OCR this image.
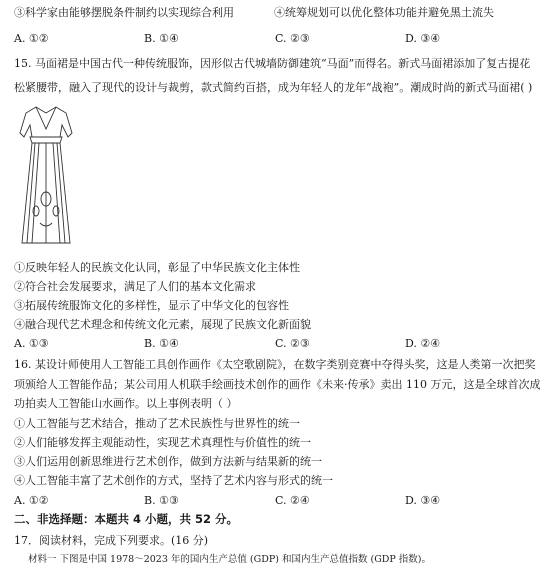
③科学家由能够摆脱条件制约以实现综合利用	④统筹规划可以优化整体功能并避免黑土流失
A. ①②	B. ①④	C. ②③	D. ③④
15. 马面裙是中国古代一种传统服饰，因形似古代城墙防御建筑“马面”而得名。新式马面裙添加了复古提花
松紧腰带，融入了现代的设计与裁剪，款式简约百搭，成为年轻人的龙年“战袍”。潮成时尚的新式马面裙( )
①反映年轻人的民族文化认同，彰显了中华民族文化主体性
②符合社会发展要求，满足了人们的基本文化需求
③拓展传统服饰文化的多样性，显示了中华文化的包容性
④融合现代艺术理念和传统文化元素，展现了民族文化新面貌
A. ①③	B. ①④	C. ②③	D. ②④
16. 某设计师使用人工智能工具创作画作《太空歌剧院》，在数字类别竞赛中夺得头奖，这是人类第一次把奖
项颁给人工智能作品；某公司用人机联手绘画技术创作的画作《未来·传承》卖出 110 万元，这是全球首次成
功拍卖人工智能山水画作。以上事例表明（ ）
①人工智能与艺术结合，推动了艺术民族性与世界性的统一
②人们能够发挥主观能动性，实现艺术真理性与价值性的统一
③人们运用创新思维进行艺术创作，做到方法新与结果新的统一
④人工智能丰富了艺术创作的方式，坚持了艺术内容与形式的统一
A. ①②	B. ①③	C. ②④	D. ③④
二、非选择题：本题共 4 小题，共 52 分。
17．阅读材料，完成下列要求。(16 分)
材料一 下图是中国 1978～2023 年的国内生产总值 (GDP) 和国内生产总值指数 (GDP 指数)。
